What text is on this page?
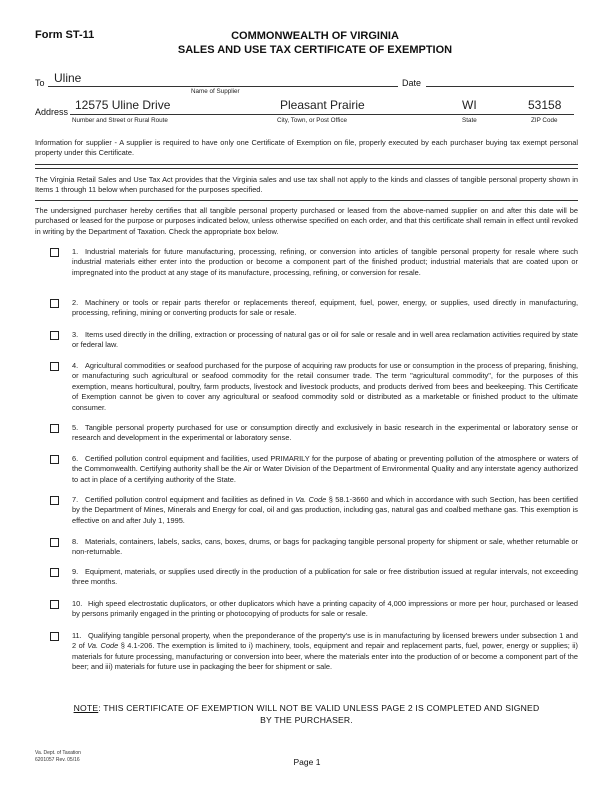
Form ST-11	COMMONWEALTH OF VIRGINIA
SALES AND USE TAX CERTIFICATE OF EXEMPTION
To Uline
Name of Supplier
Date
Address 12575 Uline Drive	Pleasant Prairie	WI	53158
Number and Street or Rural Route	City, Town, or Post Office	State	ZIP Code
Information for supplier - A supplier is required to have only one Certificate of Exemption on file, properly executed by each purchaser buying tax exempt personal property under this Certificate.
The Virginia Retail Sales and Use Tax Act provides that the Virginia sales and use tax shall not apply to the kinds and classes of tangible personal property shown in Items 1 through 11 below when purchased for the purposes specified.
The undersigned purchaser hereby certifies that all tangible personal property purchased or leased from the above-named supplier on and after this date will be purchased or leased for the purpose or purposes indicated below, unless otherwise specified on each order, and that this certificate shall remain in effect until revoked in writing by the Department of Taxation. Check the appropriate box below.
1. Industrial materials for future manufacturing, processing, refining, or conversion into articles of tangible personal property for resale where such industrial materials either enter into the production or become a component part of the finished product; industrial materials that are coated upon or impregnated into the product at any stage of its manufacture, processing, refining, or conversion for resale.
2. Machinery or tools or repair parts therefor or replacements thereof, equipment, fuel, power, energy, or supplies, used directly in manufacturing, processing, refining, mining or converting products for sale or resale.
3. Items used directly in the drilling, extraction or processing of natural gas or oil for sale or resale and in well area reclamation activities required by state or federal law.
4. Agricultural commodities or seafood purchased for the purpose of acquiring raw products for use or consumption in the process of preparing, finishing, or manufacturing such agricultural or seafood commodity for the retail consumer trade. The term "agricultural commodity", for the purposes of this exemption, means horticultural, poultry, farm products, livestock and livestock products, and products derived from bees and beekeeping. This Certificate of Exemption cannot be given to cover any agricultural or seafood commodity sold or distributed as a marketable or finished product to the ultimate consumer.
5. Tangible personal property purchased for use or consumption directly and exclusively in basic research in the experimental or laboratory sense or research and development in the experimental or laboratory sense.
6. Certified pollution control equipment and facilities, used PRIMARILY for the purpose of abating or preventing pollution of the atmosphere or waters of the Commonwealth. Certifying authority shall be the Air or Water Division of the Department of Environmental Quality and any interstate agency authorized to act in place of a certifying authority of the State.
7. Certified pollution control equipment and facilities as defined in Va. Code § 58.1-3660 and which in accordance with such Section, has been certified by the Department of Mines, Minerals and Energy for coal, oil and gas production, including gas, natural gas and coalbed methane gas. This exemption is effective on and after July 1, 1995.
8. Materials, containers, labels, sacks, cans, boxes, drums, or bags for packaging tangible personal property for shipment or sale, whether returnable or non-returnable.
9. Equipment, materials, or supplies used directly in the production of a publication for sale or free distribution issued at regular intervals, not exceeding three months.
10. High speed electrostatic duplicators, or other duplicators which have a printing capacity of 4,000 impressions or more per hour, purchased or leased by persons primarily engaged in the printing or photocopying of products for sale or resale.
11. Qualifying tangible personal property, when the preponderance of the property's use is in manufacturing by licensed brewers under subsection 1 and 2 of Va. Code § 4.1-206. The exemption is limited to i) machinery, tools, equipment and repair and replacement parts, fuel, power, energy or supplies; ii) materials for future processing, manufacturing or conversion into beer, where the materials enter into the production of or become a component part of the beer; and iii) materials for future use in packaging the beer for shipment or sale.
NOTE: THIS CERTIFICATE OF EXEMPTION WILL NOT BE VALID UNLESS PAGE 2 IS COMPLETED AND SIGNED
BY THE PURCHASER.
Va. Dept. of Taxation
6201057 Rev. 05/16	Page 1
